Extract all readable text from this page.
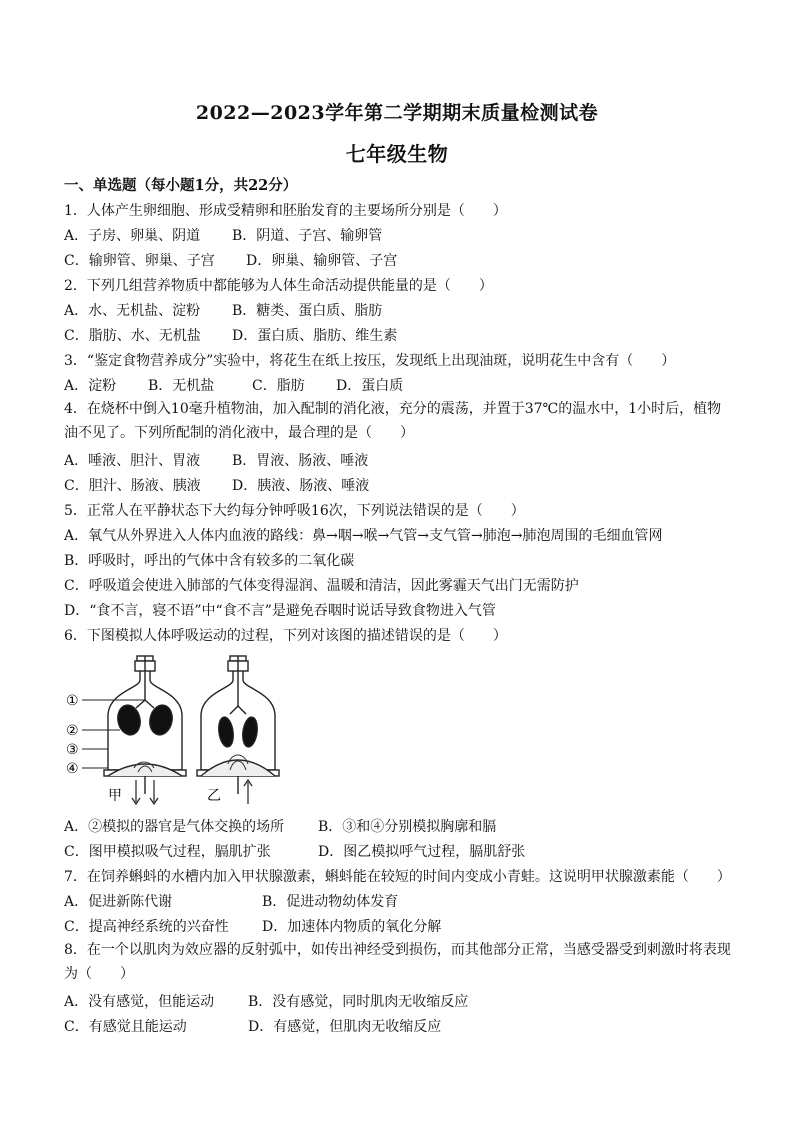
2022—2023学年第二学期期末质量检测试卷
七年级生物
一、单选题（每小题1分，共22分）
1．人体产生卵细胞、形成受精卵和胚胎发育的主要场所分别是（　　）
A．子房、卵巢、阴道 B．阴道、子宫、输卵管
C．输卵管、卵巢、子宫 D．卵巢、输卵管、子宫
2．下列几组营养物质中都能够为人体生命活动提供能量的是（　　）
A．水、无机盐、淀粉 B．糖类、蛋白质、脂肪
C．脂肪、水、无机盐 D．蛋白质、脂肪、维生素
3．“鉴定食物营养成分”实验中，将花生在纸上按压，发现纸上出现油斑，说明花生中含有（　　）
A．淀粉 B．无机盐	C．脂肪 D．蛋白质
4．在烧杯中倒入10毫升植物油，加入配制的消化液，充分的震荡，并置于37℃的温水中，1小时后，植物油不见了。下列所配制的消化液中，最合理的是（　　）
A．唾液、胆汁、胃液 B．胃液、肠液、唾液
C．胆汁、肠液、胰液 D．胰液、肠液、唾液
5．正常人在平静状态下大约每分钟呼吸16次，下列说法错误的是（　　）
A．氧气从外界进入人体内血液的路线：鼻→咽→喉→气管→支气管→肺泡→肺泡周围的毛细血管网
B．呼吸时，呼出的气体中含有较多的二氧化碳
C．呼吸道会使进入肺部的气体变得湿润、温暖和清洁，因此雾霾天气出门无需防护
D．“食不言，寝不语”中“食不言”是避免吞咽时说话导致食物进入气管
6．下图模拟人体呼吸运动的过程，下列对该图的描述错误的是（　　）
①
②
③
④
甲	乙
A．②模拟的器官是气体交换的场所 B．③和④分别模拟胸廓和膈
C．图甲模拟吸气过程，膈肌扩张	D．图乙模拟呼气过程，膈肌舒张
7．在饲养蝌蚪的水槽内加入甲状腺激素，蝌蚪能在较短的时间内变成小青蛙。这说明甲状腺激素能（　　）
A．促进新陈代谢	B．促进动物幼体发育
C．提高神经系统的兴奋性 D．加速体内物质的氧化分解
8．在一个以肌肉为效应器的反射弧中，如传出神经受到损伤，而其他部分正常，当感受器受到刺激时将表现为（　　）
A．没有感觉，但能运动 B．没有感觉，同时肌肉无收缩反应
C．有感觉且能运动	D．有感觉，但肌肉无收缩反应
